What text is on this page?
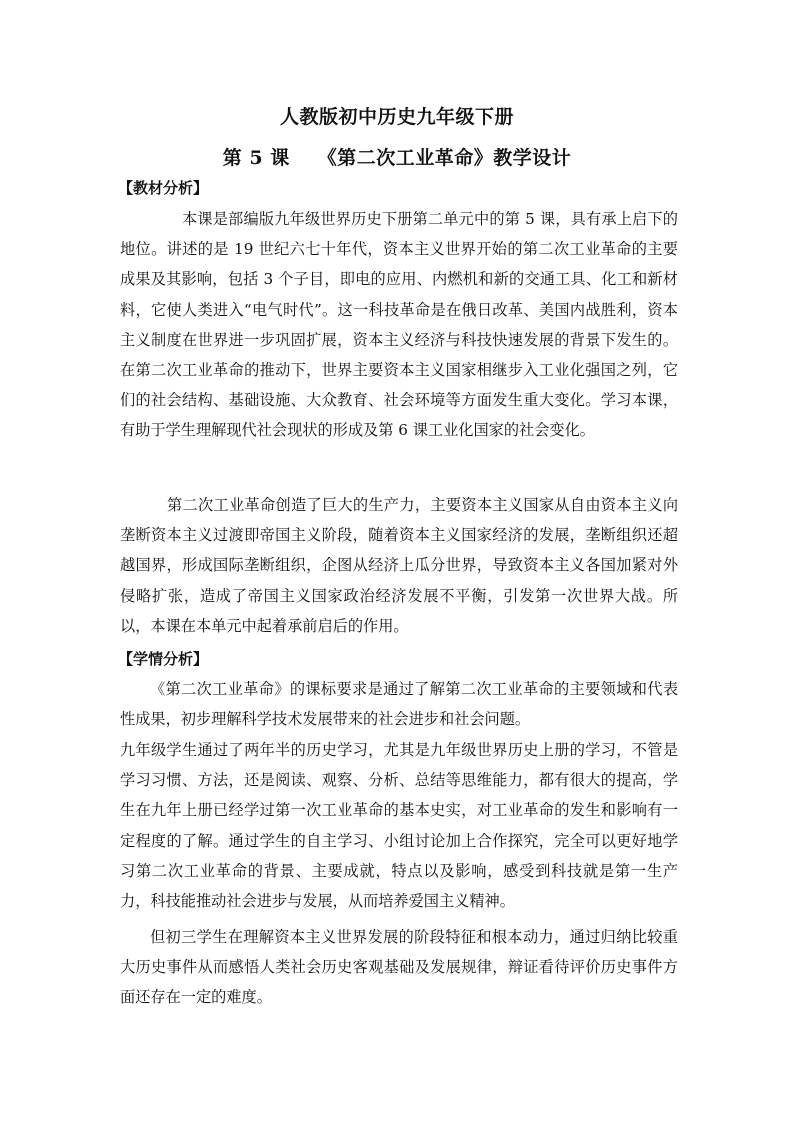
人教版初中历史九年级下册
第 5 课 《第二次工业革命》教学设计
【教材分析】

本课是部编版九年级世界历史下册第二单元中的第 5 课，具有承上启下的地位。讲述的是 19 世纪六七十年代，资本主义世界开始的第二次工业革命的主要成果及其影响，包括 3 个子目，即电的应用、内燃机和新的交通工具、化工和新材料，它使人类进入“电气时代”。这一科技革命是在俄日改革、美国内战胜利，资本主义制度在世界进一步巩固扩展，资本主义经济与科技快速发展的背景下发生的。在第二次工业革命的推动下，世界主要资本主义国家相继步入工业化强国之列，它们的社会结构、基础设施、大众教育、社会环境等方面发生重大变化。学习本课，有助于学生理解现代社会现状的形成及第 6 课工业化国家的社会变化。

第二次工业革命创造了巨大的生产力，主要资本主义国家从自由资本主义向垄断资本主义过渡即帝国主义阶段，随着资本主义国家经济的发展，垄断组织还超越国界，形成国际垄断组织，企图从经济上瓜分世界，导致资本主义各国加紧对外侵略扩张，造成了帝国主义国家政治经济发展不平衡，引发第一次世界大战。所以，本课在本单元中起着承前启后的作用。

【学情分析】

《第二次工业革命》的课标要求是通过了解第二次工业革命的主要领域和代表性成果，初步理解科学技术发展带来的社会进步和社会问题。

九年级学生通过了两年半的历史学习，尤其是九年级世界历史上册的学习，不管是学习习惯、方法，还是阅读、观察、分析、总结等思维能力，都有很大的提高，学生在九年上册已经学过第一次工业革命的基本史实，对工业革命的发生和影响有一定程度的了解。通过学生的自主学习、小组讨论加上合作探究，完全可以更好地学习第二次工业革命的背景、主要成就，特点以及影响，感受到科技就是第一生产力，科技能推动社会进步与发展，从而培养爱国主义精神。

但初三学生在理解资本主义世界发展的阶段特征和根本动力，通过归纳比较重大历史事件从而感悟人类社会历史客观基础及发展规律，辩证看待评价历史事件方面还存在一定的难度。
